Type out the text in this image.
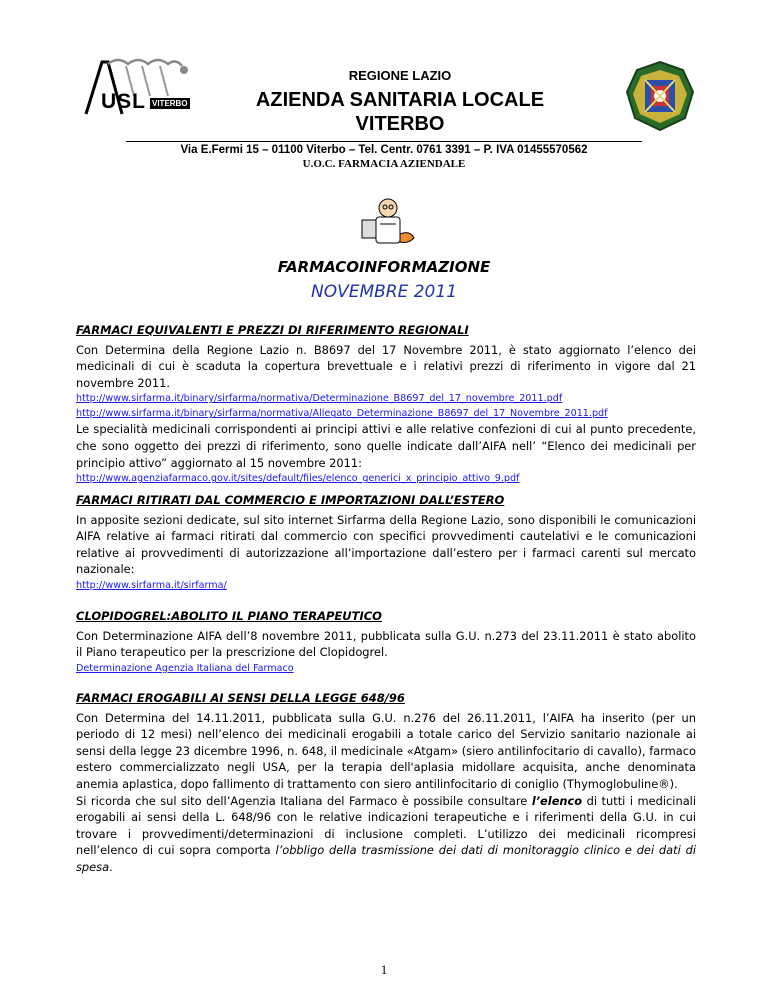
USL VITERBO
REGIONE LAZIO
AZIENDA SANITARIA LOCALE
VITERBO
Via E.Fermi 15 – 01100 Viterbo – Tel. Centr. 0761 3391 – P. IVA 01455570562
U.O.C. FARMACIA AZIENDALE
FARMACOINFORMAZIONE
NOVEMBRE 2011
FARMACI EQUIVALENTI E PREZZI DI RIFERIMENTO REGIONALI
Con Determina della Regione Lazio n. B8697 del 17 Novembre 2011, è stato aggiornato l’elenco dei medicinali di cui è scaduta la copertura brevettuale e i relativi prezzi di riferimento in vigore dal 21 novembre 2011.
http://www.sirfarma.it/binary/sirfarma/normativa/Determinazione_B8697_del_17_novembre_2011.pdf
http://www.sirfarma.it/binary/sirfarma/normativa/Allegato_Determinazione_B8697_del_17_Novembre_2011.pdf
Le specialità medicinali corrispondenti ai principi attivi e alle relative confezioni di cui al punto precedente, che sono oggetto dei prezzi di riferimento, sono quelle indicate dall’AIFA nell’ “Elenco dei medicinali per principio attivo” aggiornato al 15 novembre 2011:
http://www.agenziafarmaco.gov.it/sites/default/files/elenco_generici_x_principio_attivo_9.pdf
FARMACI RITIRATI DAL COMMERCIO E IMPORTAZIONI DALL’ESTERO
In apposite sezioni dedicate, sul sito internet Sirfarma della Regione Lazio, sono disponibili le comunicazioni AIFA relative ai farmaci ritirati dal commercio con specifici provvedimenti cautelativi e le comunicazioni relative ai provvedimenti di autorizzazione all’importazione dall’estero per i farmaci carenti sul mercato nazionale:
http://www.sirfarma.it/sirfarma/
CLOPIDOGREL:ABOLITO IL PIANO TERAPEUTICO
Con Determinazione AIFA dell’8 novembre 2011, pubblicata sulla G.U. n.273 del 23.11.2011 è stato abolito il Piano terapeutico per la prescrizione del Clopidogrel.
Determinazione Agenzia Italiana del Farmaco
FARMACI EROGABILI AI SENSI DELLA LEGGE 648/96
Con Determina del 14.11.2011, pubblicata sulla G.U. n.276 del 26.11.2011, l’AIFA ha inserito (per un periodo di 12 mesi) nell’elenco dei medicinali erogabili a totale carico del Servizio sanitario nazionale ai sensi della legge 23 dicembre 1996, n. 648, il medicinale «Atgam» (siero antilinfocitario di cavallo), farmaco estero commercializzato negli USA, per la terapia dell'aplasia midollare acquisita, anche denominata anemia aplastica, dopo fallimento di trattamento con siero antilinfocitario di coniglio (Thymoglobuline®).
Si ricorda che sul sito dell’Agenzia Italiana del Farmaco è possibile consultare l’elenco di tutti i medicinali erogabili ai sensi della L. 648/96 con le relative indicazioni terapeutiche e i riferimenti della G.U. in cui trovare i provvedimenti/determinazioni di inclusione completi. L’utilizzo dei medicinali ricompresi nell’elenco di cui sopra comporta l’obbligo della trasmissione dei dati di monitoraggio clinico e dei dati di spesa.
1
